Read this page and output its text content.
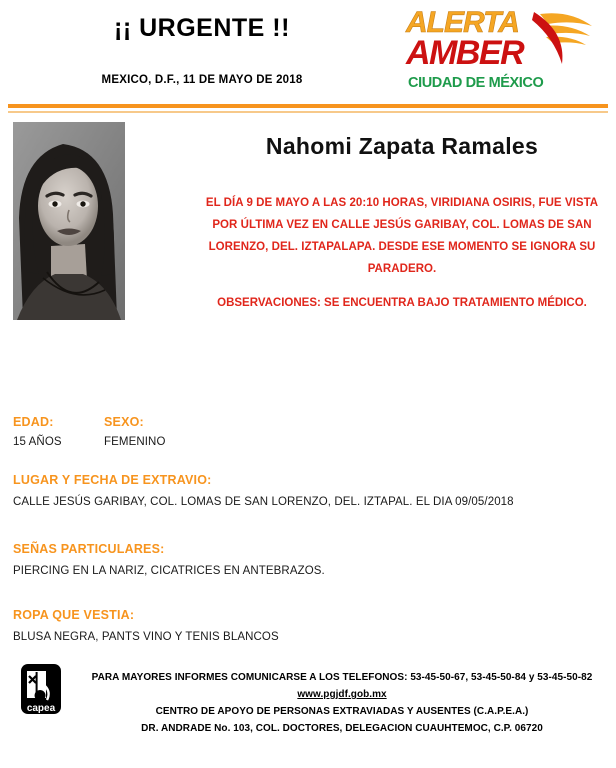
¡¡ URGENTE !!
MEXICO, D.F., 11 DE MAYO DE 2018
ALERTA
AMBER
CIUDAD DE MÉXICO
Nahomi Zapata Ramales
EL DÍA 9 DE MAYO A LAS 20:10 HORAS, VIRIDIANA OSIRIS, FUE VISTA POR ÚLTIMA VEZ EN CALLE JESÚS GARIBAY, COL. LOMAS DE SAN LORENZO, DEL. IZTAPALAPA. DESDE ESE MOMENTO SE IGNORA SU PARADERO.
OBSERVACIONES: SE ENCUENTRA BAJO TRATAMIENTO MÉDICO.
EDAD:
15 AÑOS
SEXO:
FEMENINO
LUGAR Y FECHA DE EXTRAVIO:
CALLE JESÚS GARIBAY, COL. LOMAS DE SAN LORENZO, DEL. IZTAPAL. EL DIA 09/05/2018
SEÑAS PARTICULARES:
PIERCING EN LA NARIZ, CICATRICES EN ANTEBRAZOS.
ROPA QUE VESTIA:
BLUSA NEGRA, PANTS VINO Y TENIS BLANCOS
capea
PARA MAYORES INFORMES COMUNICARSE A LOS TELEFONOS: 53-45-50-67, 53-45-50-84 y 53-45-50-82
www.pgjdf.gob.mx
CENTRO DE APOYO DE PERSONAS EXTRAVIADAS Y AUSENTES (C.A.P.E.A.)
DR. ANDRADE No. 103, COL. DOCTORES, DELEGACION CUAUHTEMOC, C.P. 06720
